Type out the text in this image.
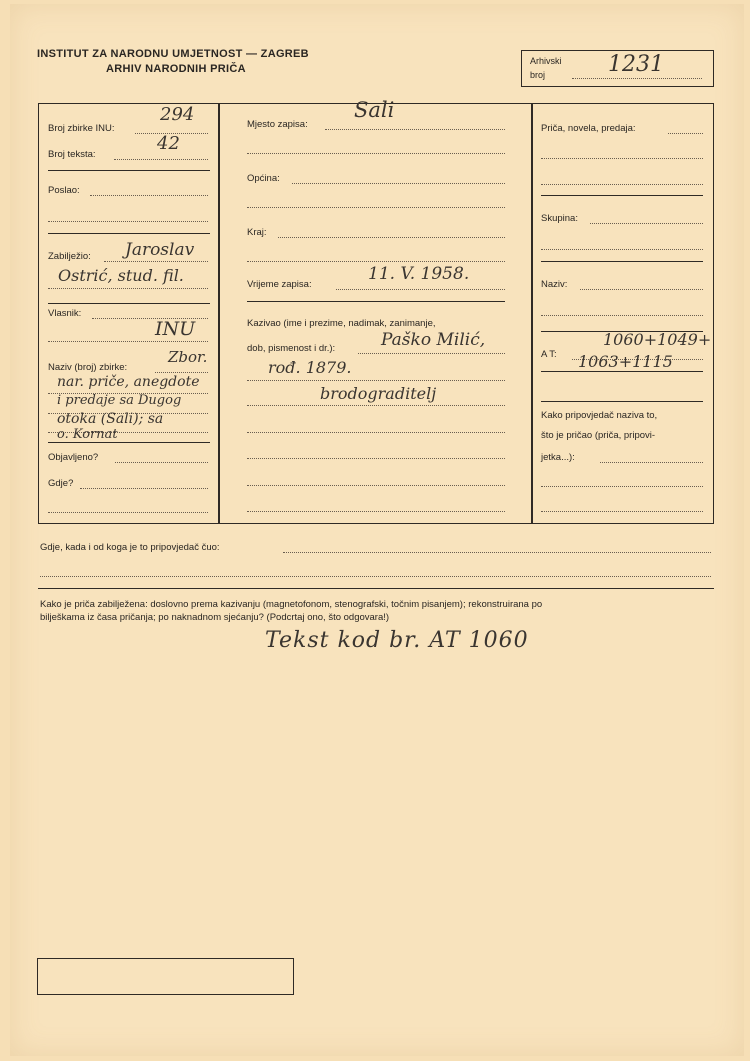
INSTITUT ZA NARODNU UMJETNOST — ZAGREB
ARHIV NARODNIH PRIČA
Arhivski
broj	1231
Broj zbirke INU:
294
Broj teksta:
42
Poslao:
Zabilježio: Jaroslav
Ostrić, stud. fil.
Vlasnik:
INU
Naziv (broj) zbirke:
Zbor.
nar. priče, anegdote
i predaje sa Dugog
otoka (Sali); sa
o. Kornat
Objavljeno?
Gdje?
Mjesto zapisa:
Sali
Općina:
Kraj:
Vrijeme zapisa:
11. V. 1958.
Kazivao (ime i prezime, nadimak, zanimanje,
dob, pismenost i dr.):	Paško Milić,
rođ. 1879.
brodograditelj
Priča, novela, predaja:
Skupina:
Naziv:
A T:
1060+1049+
1063+1115
Kako pripovjedač naziva to,
što je pričao (priča, pripovi-
jetka...):
Gdje, kada i od koga je to pripovjedač čuo:
Kako je priča zabilježena: doslovno prema kazivanju (magnetofonom, stenografski, točnim pisanjem); rekonstruirana po
bilješkama iz časa pričanja; po naknadnom sjećanju? (Podcrtaj ono, što odgovara!)
Tekst kod br. AT 1060
